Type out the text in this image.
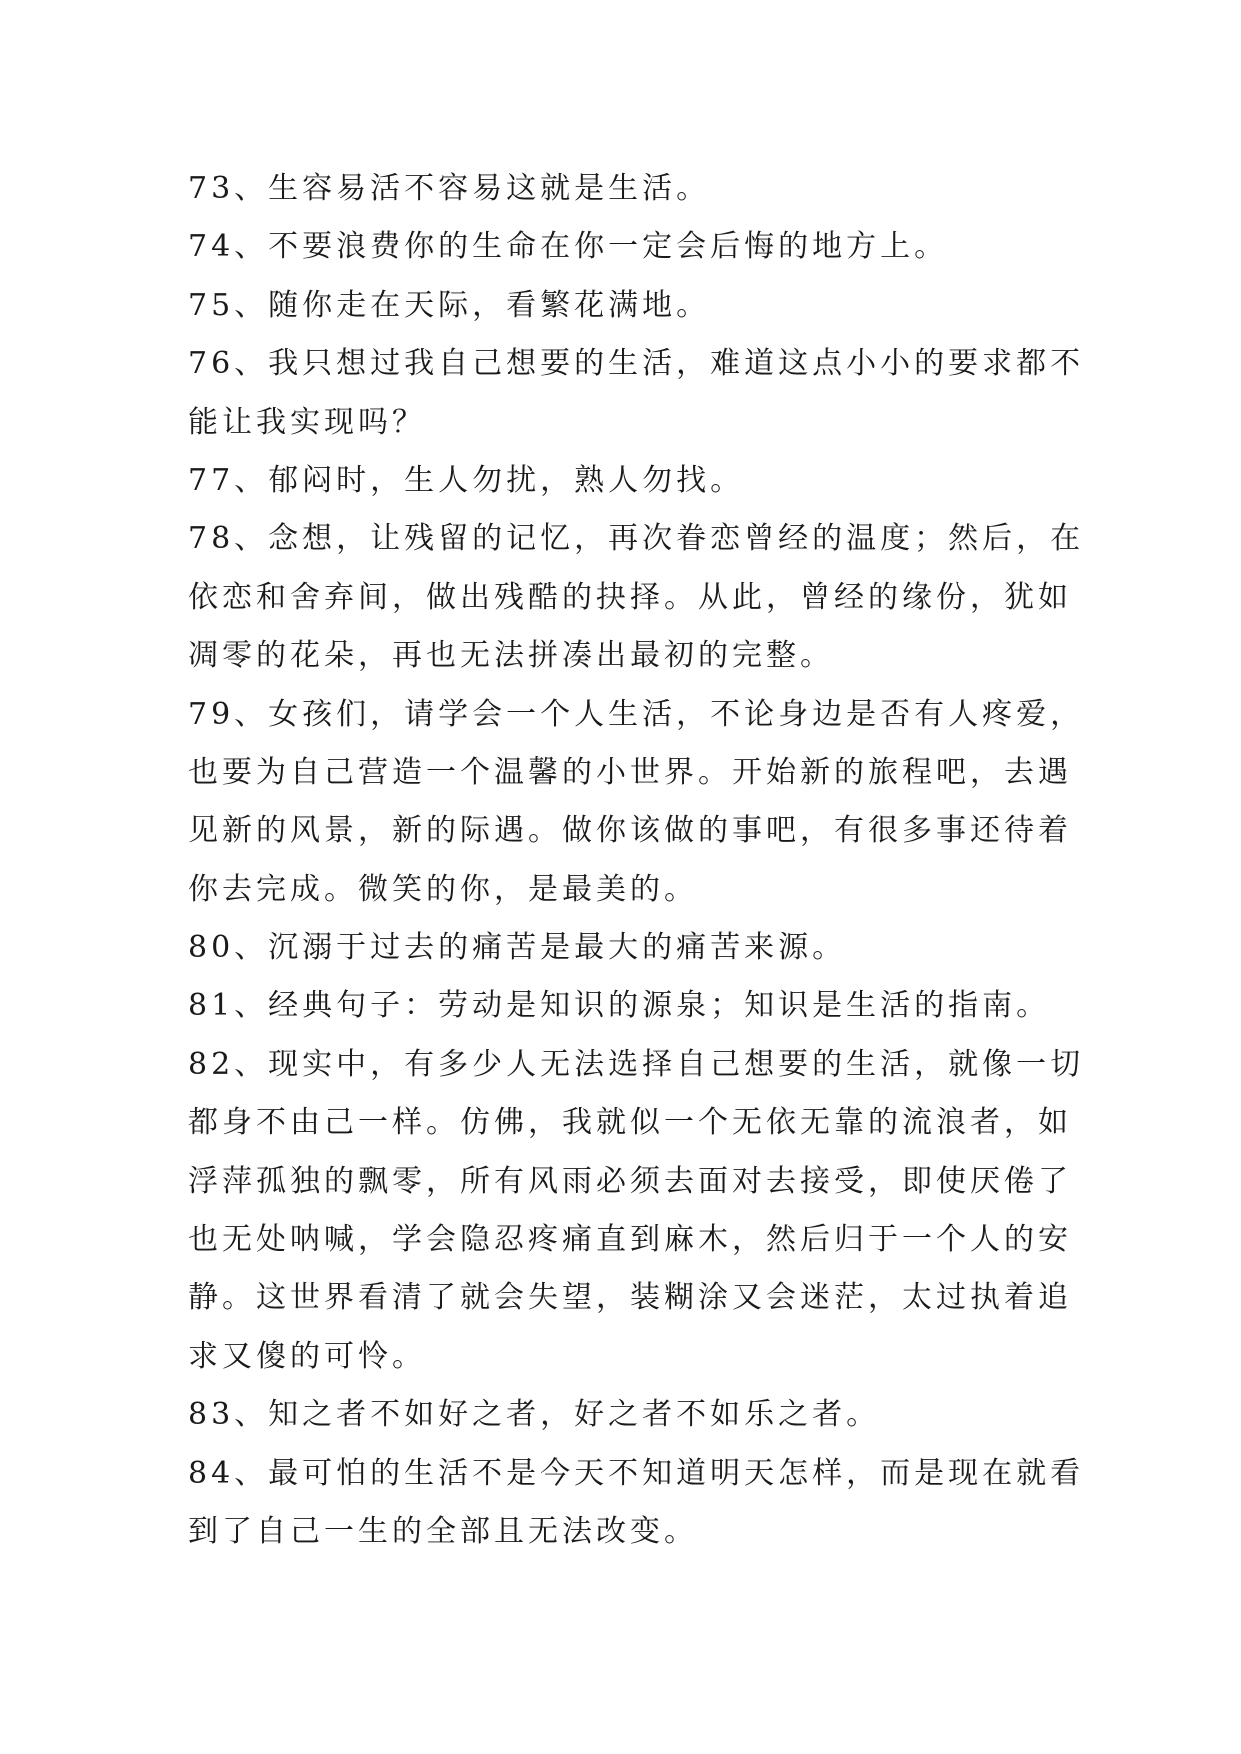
73、生容易活不容易这就是生活。
74、不要浪费你的生命在你一定会后悔的地方上。
75、随你走在天际，看繁花满地。
76、我只想过我自己想要的生活，难道这点小小的要求都不
能让我实现吗？
77、郁闷时，生人勿扰，熟人勿找。
78、念想，让残留的记忆，再次眷恋曾经的温度；然后，在
依恋和舍弃间，做出残酷的抉择。从此，曾经的缘份，犹如
凋零的花朵，再也无法拼凑出最初的完整。
79、女孩们，请学会一个人生活，不论身边是否有人疼爱，
也要为自己营造一个温馨的小世界。开始新的旅程吧，去遇
见新的风景，新的际遇。做你该做的事吧，有很多事还待着
你去完成。微笑的你，是最美的。
80、沉溺于过去的痛苦是最大的痛苦来源。
81、经典句子：劳动是知识的源泉；知识是生活的指南。
82、现实中，有多少人无法选择自己想要的生活，就像一切
都身不由己一样。仿佛，我就似一个无依无靠的流浪者，如
浮萍孤独的飘零，所有风雨必须去面对去接受，即使厌倦了
也无处呐喊，学会隐忍疼痛直到麻木，然后归于一个人的安
静。这世界看清了就会失望，装糊涂又会迷茫，太过执着追
求又傻的可怜。
83、知之者不如好之者，好之者不如乐之者。
84、最可怕的生活不是今天不知道明天怎样，而是现在就看
到了自己一生的全部且无法改变。
